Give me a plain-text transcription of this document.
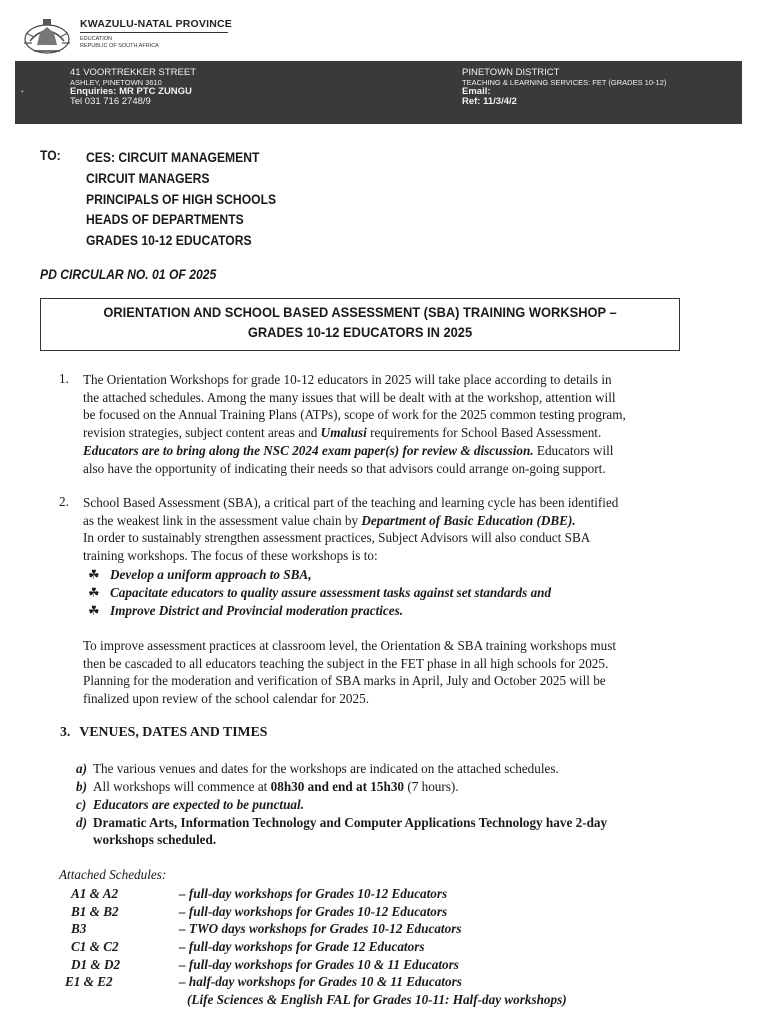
KWAZULU-NATAL PROVINCE
EDUCATION
REPUBLIC OF SOUTH AFRICA
•
41 VOORTREKKER STREET
ASHLEY, PINETOWN 3610
Enquiries: MR PTC ZUNGU
Tel 031 716 2748/9
PINETOWN DISTRICT
TEACHING & LEARNING SERVICES: FET (GRADES 10-12)
Email:
Ref: 11/3/4/2
TO: CES: CIRCUIT MANAGEMENT
CIRCUIT MANAGERS
PRINCIPALS OF HIGH SCHOOLS
HEADS OF DEPARTMENTS
GRADES 10-12 EDUCATORS
PD CIRCULAR NO. 01 OF 2025
ORIENTATION AND SCHOOL BASED ASSESSMENT (SBA) TRAINING WORKSHOP –
GRADES 10-12 EDUCATORS IN 2025
1. The Orientation Workshops for grade 10-12 educators in 2025 will take place according to details in
the attached schedules. Among the many issues that will be dealt with at the workshop, attention will
be focused on the Annual Training Plans (ATPs), scope of work for the 2025 common testing program,
revision strategies, subject content areas and Umalusi requirements for School Based Assessment.
Educators are to bring along the NSC 2024 exam paper(s) for review & discussion. Educators will
also have the opportunity of indicating their needs so that advisors could arrange on-going support.
2. School Based Assessment (SBA), a critical part of the teaching and learning cycle has been identified
as the weakest link in the assessment value chain by Department of Basic Education (DBE).
In order to sustainably strengthen assessment practices, Subject Advisors will also conduct SBA
training workshops. The focus of these workshops is to:
☘ Develop a uniform approach to SBA,
☘ Capacitate educators to quality assure assessment tasks against set standards and
☘ Improve District and Provincial moderation practices.
To improve assessment practices at classroom level, the Orientation & SBA training workshops must
then be cascaded to all educators teaching the subject in the FET phase in all high schools for 2025.
Planning for the moderation and verification of SBA marks in April, July and October 2025 will be
finalized upon review of the school calendar for 2025.
3. VENUES, DATES AND TIMES
a) The various venues and dates for the workshops are indicated on the attached schedules.
b) All workshops will commence at 08h30 and end at 15h30 (7 hours).
c) Educators are expected to be punctual.
d) Dramatic Arts, Information Technology and Computer Applications Technology have 2-day
workshops scheduled.
Attached Schedules:
A1 & A2	– full-day workshops for Grades 10-12 Educators
B1 & B2	– full-day workshops for Grades 10-12 Educators
B3	– TWO days workshops for Grades 10-12 Educators
C1 & C2	– full-day workshops for Grade 12 Educators
D1 & D2	– full-day workshops for Grades 10 & 11 Educators
E1 & E2	– half-day workshops for Grades 10 & 11 Educators
(Life Sciences & English FAL for Grades 10-11: Half-day workshops)
